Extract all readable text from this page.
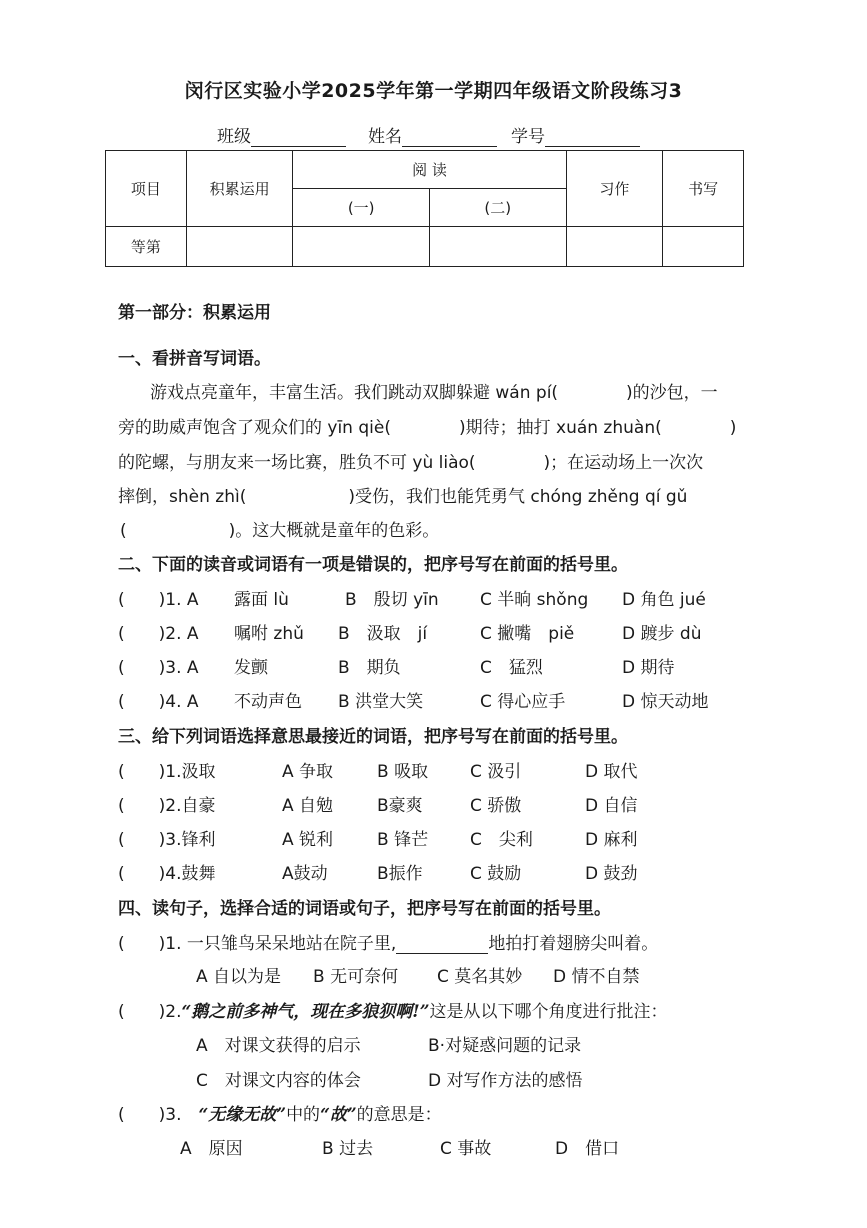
闵行区实验小学2025学年第一学期四年级语文阶段练习3
班级	姓名	学号
项目	积累运用	阅 读		习作	书写
		(一)	(二)		
等第					
第一部分：积累运用
一、看拼音写词语。
游戏点亮童年，丰富生活。我们跳动双脚躲避 wán pí(　　　　)的沙包，一
旁的助威声饱含了观众们的 yīn qiè(　　　　)期待；抽打 xuán zhuàn(　　　　)
的陀螺，与朋友来一场比赛，胜负不可 yù liào(　　　　)；在运动场上一次次
摔倒，shèn zhì(　　　　　　)受伤，我们也能凭勇气 chóng zhěng qí gǔ
(　　　　　　)。这大概就是童年的色彩。
二、下面的读音或词语有一项是错误的，把序号写在前面的括号里。
(　　)1. A 露面 lù	B　殷切 yīn C 半晌 shǒng D 角色 jué
(　　)2. A 嘱咐 zhǔ B　汲取　jí	C 撇嘴　piě	D 踱步 dù
(　　)3. A 发颤	B　期负	C　猛烈	D 期待
(　　)4. A 不动声色 B 洪堂大笑	C 得心应手	D 惊天动地
三、给下列词语选择意思最接近的词语，把序号写在前面的括号里。
(　　)1.汲取	A 争取	B 吸取 C 汲引	D 取代
(　　)2.自豪	A 自勉	B豪爽	C 骄傲	D 自信
(　　)3.锋利	A 锐利	B 锋芒 C　尖利	D 麻利
(　　)4.鼓舞	A鼓动	B振作	C 鼓励	D 鼓劲
四、读句子，选择合适的词语或句子，把序号写在前面的括号里。
(　　)1. 一只雏鸟呆呆地站在院子里,	地拍打着翅膀尖叫着。
A 自以为是 B 无可奈何 C 莫名其妙 D 情不自禁
(　　)2.“鹅之前多神气，现在多狼狈啊!”这是从以下哪个角度进行批注：
A　对课文获得的启示	B·对疑惑问题的记录
C　对课文内容的体会	D 对写作方法的感悟
(　　)3.　“无缘无故”中的“故”的意思是：
A　原因	B 过去	C 事故	D　借口
